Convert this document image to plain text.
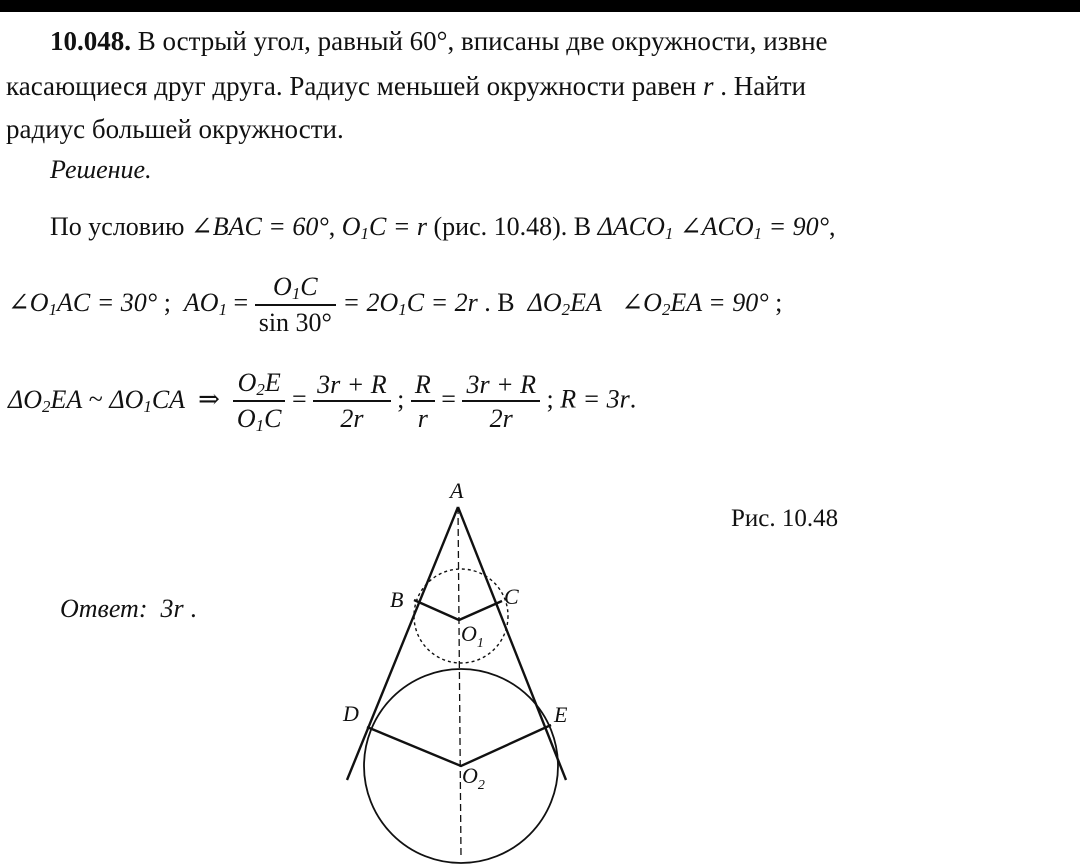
10.048. В острый угол, равный 60°, вписаны две окружности, извне
касающиеся друг друга. Радиус меньшей окружности равен r . Найти
радиус большей окружности.
Решение.
По условию ∠BAC = 60°, $O_1C = r$ (рис. 10.48). В $\Delta ACO_1$ $\angle ACO_1 = 90^\circ$,
$\angle O_1AC = 30^\circ$ ; $AO_1 = \frac{O_1C}{\sin 30^\circ} = 2O_1C = 2r$ . В $\Delta O_2EA$ $\angle O_2EA = 90^\circ$ ;
$\Delta O_2EA$ ~ $\Delta O_1CA$ ⇒ $\frac{O_2E}{O_1C} = \frac{3r + R}{2r}$ ; $\frac{R}{r} = \frac{3r + R}{2r}$ ; R = 3r.
A
B	C
D	E
$O_1$
$O_2$
Рис. 10.48
Ответ: 3r .
